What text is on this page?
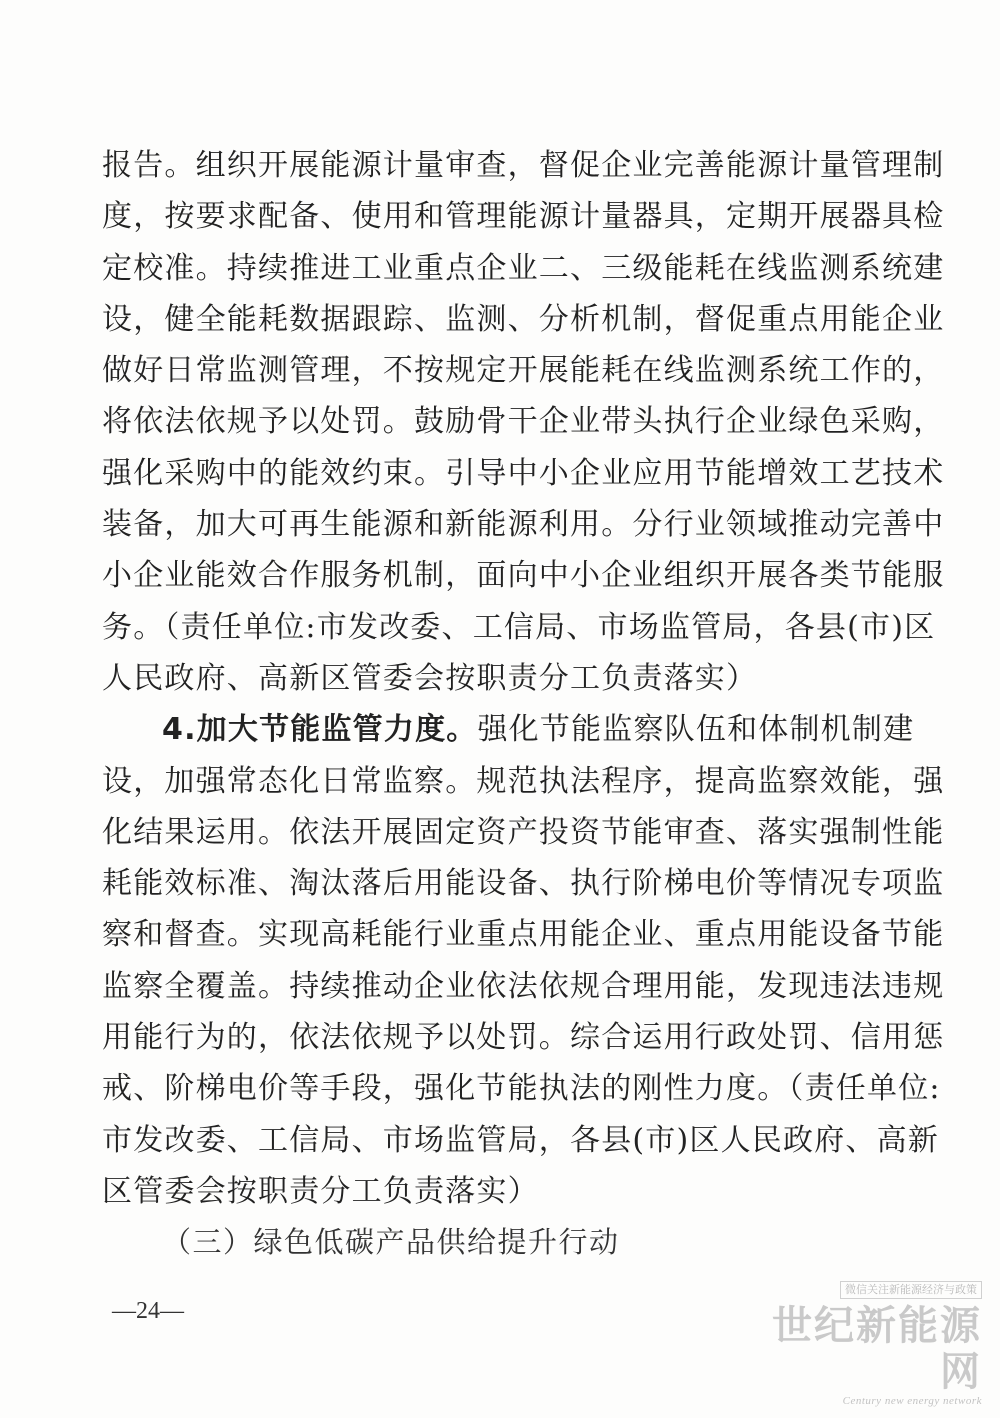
报告。组织开展能源计量审查，督促企业完善能源计量管理制
度，按要求配备、使用和管理能源计量器具，定期开展器具检
定校准。持续推进工业重点企业二、三级能耗在线监测系统建
设，健全能耗数据跟踪、监测、分析机制，督促重点用能企业
做好日常监测管理，不按规定开展能耗在线监测系统工作的，
将依法依规予以处罚。鼓励骨干企业带头执行企业绿色采购，
强化采购中的能效约束。引导中小企业应用节能增效工艺技术
装备，加大可再生能源和新能源利用。分行业领域推动完善中
小企业能效合作服务机制，面向中小企业组织开展各类节能服
务。（责任单位:市发改委、工信局、市场监管局，各县(市)区
人民政府、高新区管委会按职责分工负责落实）
4.加大节能监管力度。强化节能监察队伍和体制机制建
设，加强常态化日常监察。规范执法程序，提高监察效能，强
化结果运用。依法开展固定资产投资节能审查、落实强制性能
耗能效标准、淘汰落后用能设备、执行阶梯电价等情况专项监
察和督查。实现高耗能行业重点用能企业、重点用能设备节能
监察全覆盖。持续推动企业依法依规合理用能，发现违法违规
用能行为的，依法依规予以处罚。综合运用行政处罚、信用惩
戒、阶梯电价等手段，强化节能执法的刚性力度。（责任单位:
市发改委、工信局、市场监管局，各县(市)区人民政府、高新
区管委会按职责分工负责落实）
（三）绿色低碳产品供给提升行动
—24—
微信关注新能源经济与政策
世纪新能源网
Century new energy network
